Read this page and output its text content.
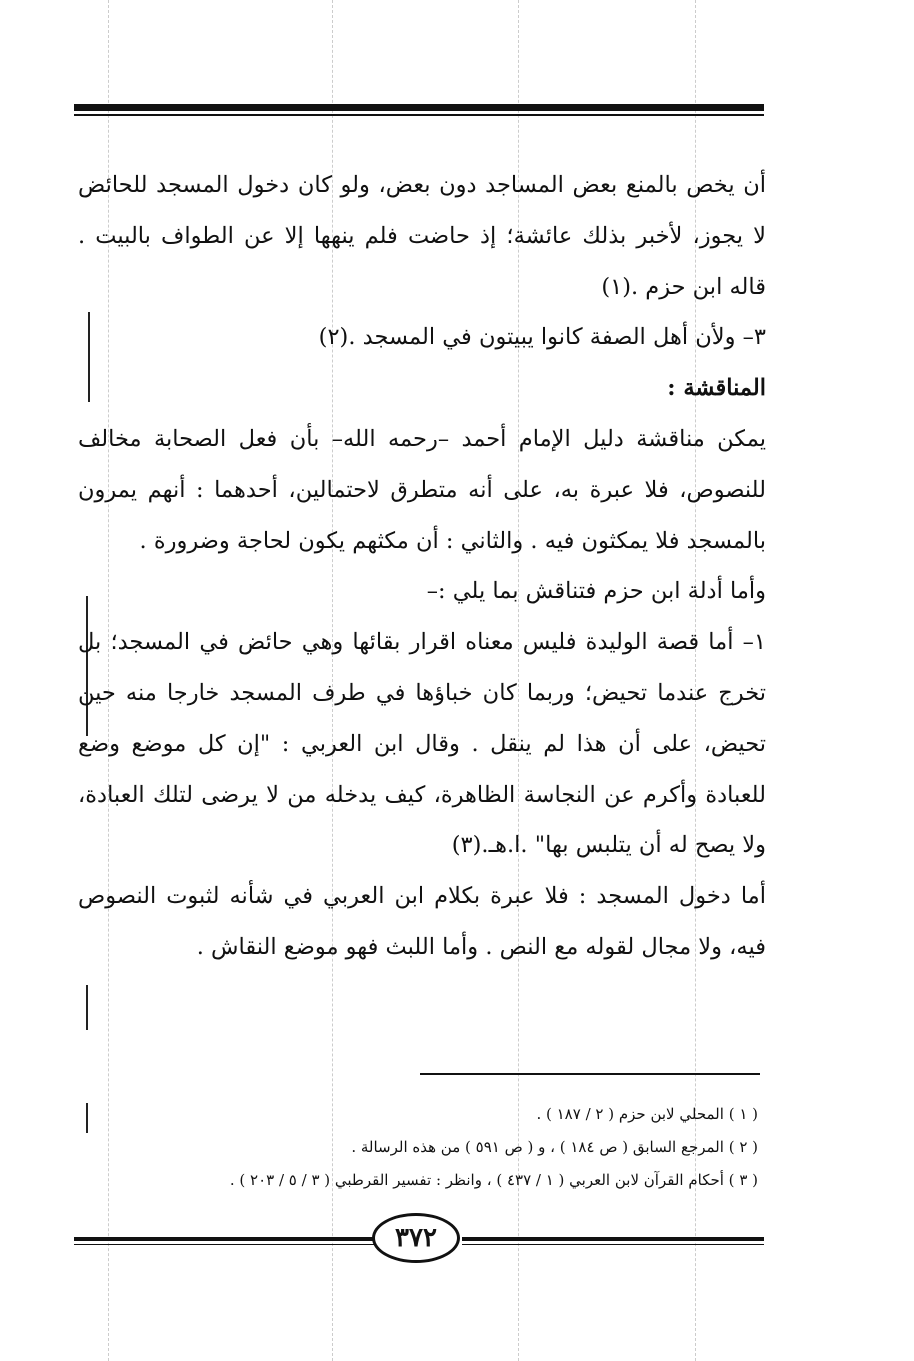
أن يخص بالمنع بعض المساجد دون بعض، ولو كان دخول المسجد للحائض لا يجوز، لأخبر بذلك عائشة؛ إذ حاضت فلم ينهها إلا عن الطواف بالبيت . قاله ابن حزم .(١)

٣– ولأن أهل الصفة كانوا يبيتون في المسجد .(٢)

المناقشة :

يمكن مناقشة دليل الإمام أحمد –رحمه الله– بأن فعل الصحابة مخالف للنصوص، فلا عبرة به، على أنه متطرق لاحتمالين، أحدهما : أنهم يمرون بالمسجد فلا يمكثون فيه . والثاني : أن مكثهم يكون لحاجة وضرورة .

وأما أدلة ابن حزم فتناقش بما يلي :–

١– أما قصة الوليدة فليس معناه اقرار بقائها وهي حائض في المسجد؛ بل تخرج عندما تحيض؛ وربما كان خباؤها في طرف المسجد خارجا منه حين تحيض، على أن هذا لم ينقل . وقال ابن العربي : "إن كل موضع وضع للعبادة وأكرم عن النجاسة الظاهرة، كيف يدخله من لا يرضى لتلك العبادة، ولا يصح له أن يتلبس بها" .ا.هـ.(٣)

أما دخول المسجد : فلا عبرة بكلام ابن العربي في شأنه لثبوت النصوص فيه، ولا مجال لقوله مع النص . وأما اللبث فهو موضع النقاش .

( ١ ) المحلي لابن حزم ( ٢ / ١٨٧ ) .

( ٢ ) المرجع السابق ( ص ١٨٤ ) ، و ( ص ٥٩١ ) من هذه الرسالة .

( ٣ ) أحكام القرآن لابن العربي ( ١ / ٤٣٧ ) ، وانظر : تفسير القرطبي ( ٣ / ٥ / ٢٠٣ ) .

٣٧٢
